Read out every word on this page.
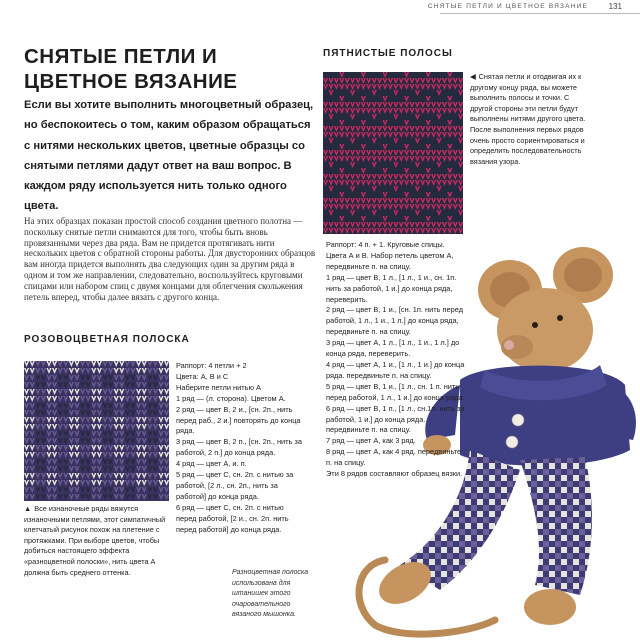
СНЯТЫЕ ПЕТЛИ И ЦВЕТНОЕ ВЯЗАНИЕ	131
СНЯТЫЕ ПЕТЛИ И ЦВЕТНОЕ ВЯЗАНИЕ
Если вы хотите выполнить многоцветный образец, но беспокоитесь о том, каким образом обращаться с нитями нескольких цветов, цветные образцы со снятыми петлями дадут ответ на ваш вопрос. В каждом ряду используется нить только одного цвета.
На этих образцах показан простой способ создания цветного полотна — поскольку снятые петли снимаются для того, чтобы быть вновь провязанными через два ряда. Вам не придется протягивать нити нескольких цветов с обратной стороны работы. Для двусторонних образцов вам иногда придется выполнять два следующих один за другим ряда в одном и том же направлении, следовательно, воспользуйтесь круговыми спицами или набором спиц с двумя концами для облегчения скольжения петель вперед, чтобы далее вязать с другого конца.
РОЗОВОЦВЕТНАЯ ПОЛОСКА
▲ Все изнаночные ряды вяжутся изнаночными петлями, этот симпатичный клетчатый рисунок похож на плетение с протяжками. При выборе цветов, чтобы добиться настоящего эффекта «разноцветной полоски», нить цвета А должна быть среднего оттенка.
Раппорт: 4 петли + 2
Цвета: А, В и С
Наберите петли нитью А
1 ряд — (л. сторона). Цветом А.
2 ряд — цвет В, 2 и., [сн. 2п., нить перед раб., 2 и.] повторять до конца ряда.
3 ряд — цвет В, 2 п., [сн. 2п., нить за работой, 2 п.] до конца ряда.
4 ряд — цвет А, и. п.
5 ряд — цвет С, сн. 2п. с нитью за работой, [2 л., сн. 2п., нить за работой] до конца ряда.
6 ряд — цвет С, сн. 2п. с нитью перед работой, [2 и., сн. 2п. нить перед работой] до конца ряда.
ПЯТНИСТЫЕ ПОЛОСЫ
◀ Снятая петли и отодвигая их к другому концу ряда, вы можете выполнить полосы и точки. С другой стороны эти петли будут выполнены нитями другого цвета. После выполнения первых рядов очень просто сориентироваться и определить последовательность вязания узора.
Раппорт: 4 п. + 1. Круговые спицы.
Цвета А и В. Набор петель цветом А, передвиньте п. на спицу.
1 ряд — цвет В, 1 л., [1 л., 1 и., сн. 1п. нить за работой, 1 и.] до конца ряда, переверить.
2 ряд — цвет В, 1 и., [сн. 1п. нить перед работой, 1 л., 1 и., 1 л.] до конца ряда, передвиньте п. на спицу.
3 ряд — цвет А, 1 л., [1 л., 1 и., 1 л.] до конца ряда, переверить.
4 ряд — цвет А, 1 и., [1 л., 1 и.] до конца ряда. передвиньте п. на спицу.
5 ряд — цвет В, 1 и., [1 л., сн. 1 п. нить перед работой, 1 л., 1 и.] до конца ряда.
6 ряд — цвет В, 1 п., [1 л., сн.1п. нить за работой, 1 и.] до конца ряда. передвиньте п. на спицу.
7 ряд — цвет А, как 3 ряд.
8 ряд — цвет А, как 4 ряд. передвиньте п. на спицу.
Эти 8 рядов составляют образец вязки.
Разноцветная полоска использована для штанишек этого очаровательного вязаного мышонка.
